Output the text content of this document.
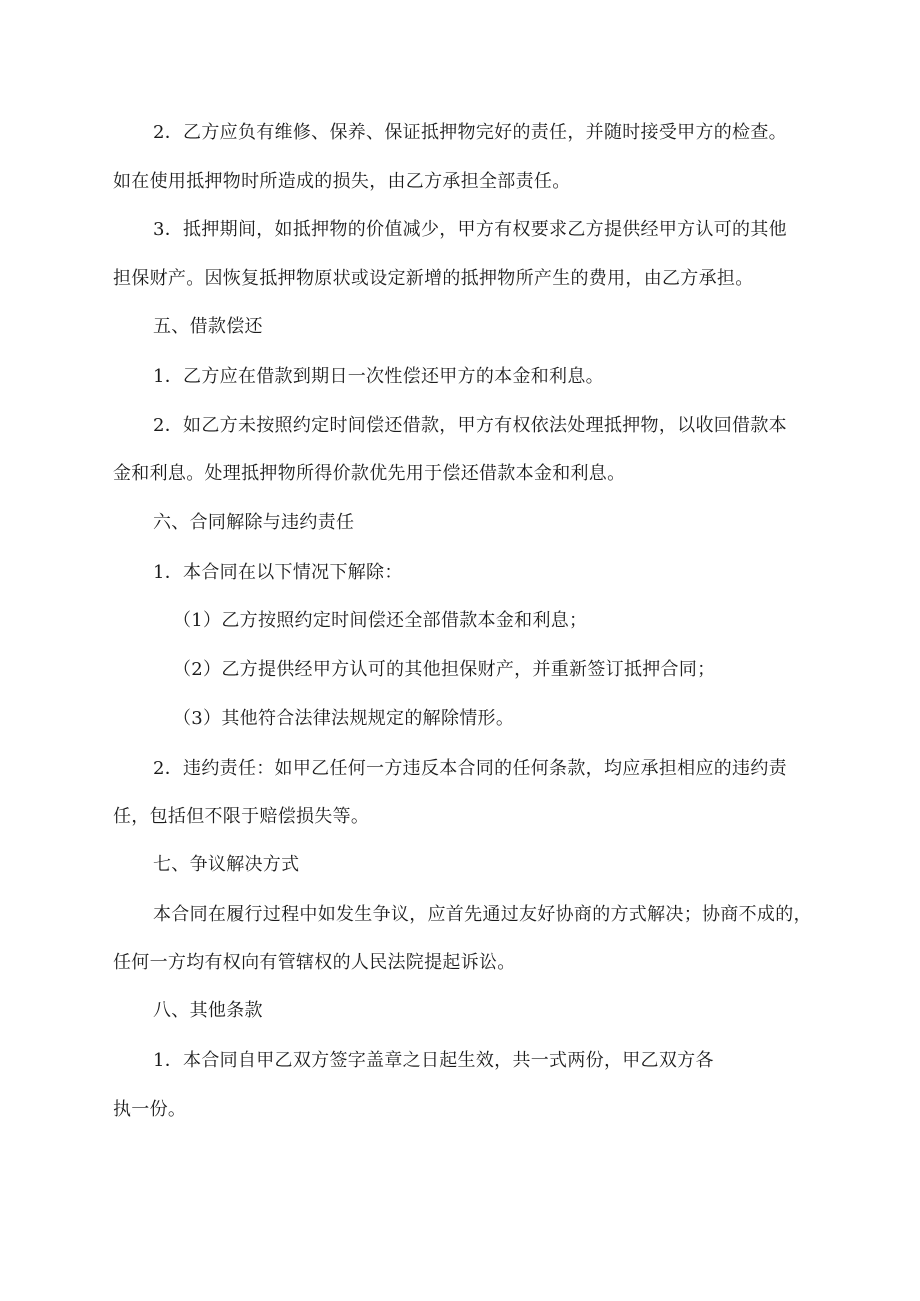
2．乙方应负有维修、保养、保证抵押物完好的责任，并随时接受甲方的检查。
如在使用抵押物时所造成的损失，由乙方承担全部责任。
3．抵押期间，如抵押物的价值减少，甲方有权要求乙方提供经甲方认可的其他
担保财产。因恢复抵押物原状或设定新增的抵押物所产生的费用，由乙方承担。
五、借款偿还
1．乙方应在借款到期日一次性偿还甲方的本金和利息。
2．如乙方未按照约定时间偿还借款，甲方有权依法处理抵押物，以收回借款本
金和利息。处理抵押物所得价款优先用于偿还借款本金和利息。
六、合同解除与违约责任
1．本合同在以下情况下解除：
（1）乙方按照约定时间偿还全部借款本金和利息；
（2）乙方提供经甲方认可的其他担保财产，并重新签订抵押合同；
（3）其他符合法律法规规定的解除情形。
2．违约责任：如甲乙任何一方违反本合同的任何条款，均应承担相应的违约责
任，包括但不限于赔偿损失等。
七、争议解决方式
本合同在履行过程中如发生争议，应首先通过友好协商的方式解决；协商不成的，
任何一方均有权向有管辖权的人民法院提起诉讼。
八、其他条款
1．本合同自甲乙双方签字盖章之日起生效，共一式两份，甲乙双方各
执一份。
